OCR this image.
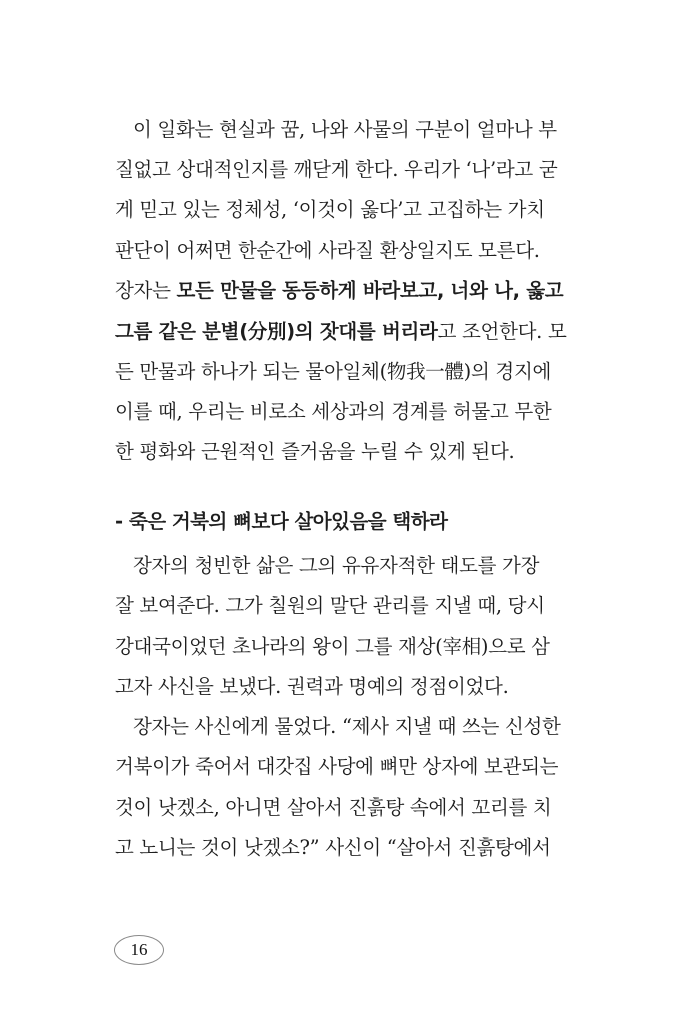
이 일화는 현실과 꿈, 나와 사물의 구분이 얼마나 부
질없고 상대적인지를 깨닫게 한다. 우리가 ‘나’라고 굳
게 믿고 있는 정체성, ‘이것이 옳다’고 고집하는 가치
판단이 어쩌면 한순간에 사라질 환상일지도 모른다.
장자는 모든 만물을 동등하게 바라보고, 너와 나, 옳고
그름 같은 분별(分別)의 잣대를 버리라고 조언한다. 모
든 만물과 하나가 되는 물아일체(物我一體)의 경지에
이를 때, 우리는 비로소 세상과의 경계를 허물고 무한
한 평화와 근원적인 즐거움을 누릴 수 있게 된다.
- 죽은 거북의 뼈보다 살아있음을 택하라
장자의 청빈한 삶은 그의 유유자적한 태도를 가장
잘 보여준다. 그가 칠원의 말단 관리를 지낼 때, 당시
강대국이었던 초나라의 왕이 그를 재상(宰相)으로 삼
고자 사신을 보냈다. 권력과 명예의 정점이었다.
장자는 사신에게 물었다. “제사 지낼 때 쓰는 신성한
거북이가 죽어서 대갓집 사당에 뼈만 상자에 보관되는
것이 낫겠소, 아니면 살아서 진흙탕 속에서 꼬리를 치
고 노니는 것이 낫겠소?” 사신이 “살아서 진흙탕에서
16
